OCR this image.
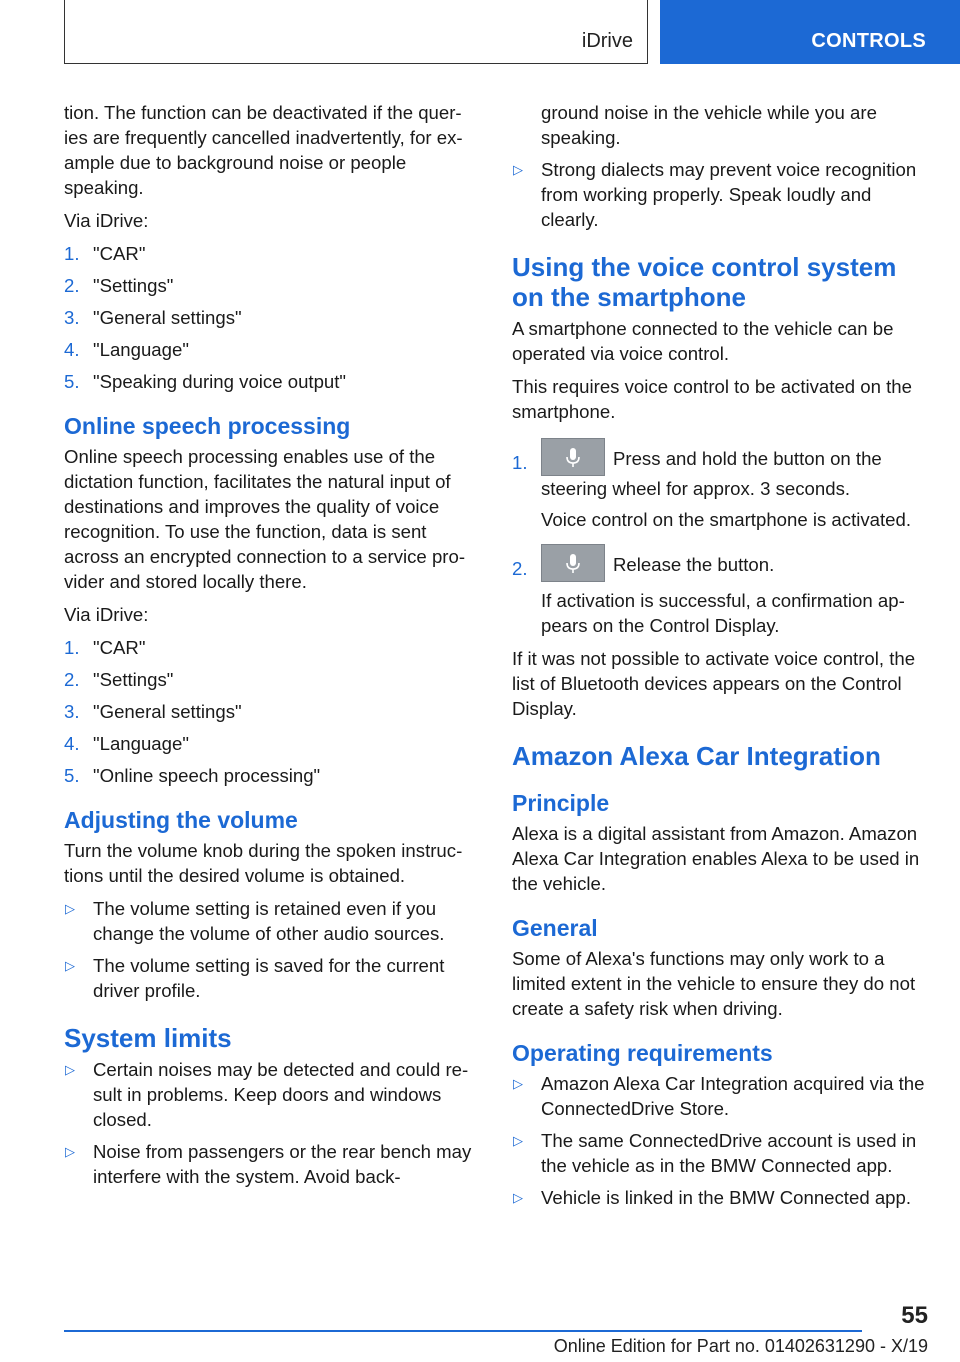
iDrive	CONTROLS

tion. The function can be deactivated if the quer-ies are frequently cancelled inadvertently, for ex-ample due to background noise or people speaking.

Via iDrive:

1. "CAR"
2. "Settings"
3. "General settings"
4. "Language"
5. "Speaking during voice output"
Online speech processing

Online speech processing enables use of the dictation function, facilitates the natural input of destinations and improves the quality of voice recognition. To use the function, data is sent across an encrypted connection to a service pro-vider and stored locally there.

Via iDrive:

1. "CAR"
2. "Settings"
3. "General settings"
4. "Language"
5. "Online speech processing"
Adjusting the volume

Turn the volume knob during the spoken instruc-tions until the desired volume is obtained.

▷ The volume setting is retained even if you change the volume of other audio sources.
▷ The volume setting is saved for the current driver profile.
System limits
▷ Certain noises may be detected and could re-sult in problems. Keep doors and windows closed.
▷ Noise from passengers or the rear bench may interfere with the system. Avoid back-
ground noise in the vehicle while you are speaking.
▷ Strong dialects may prevent voice recognition from working properly. Speak loudly and clearly.
Using the voice control system on the smartphone

A smartphone connected to the vehicle can be operated via voice control.

This requires voice control to be activated on the smartphone.

1.	Press and hold the button on the steering wheel for approx. 3 seconds.
Voice control on the smartphone is activated.
2.	Release the button.
If activation is successful, a confirmation ap-pears on the Control Display.

If it was not possible to activate voice control, the list of Bluetooth devices appears on the Control Display.

Amazon Alexa Car Integration
Principle

Alexa is a digital assistant from Amazon. Amazon Alexa Car Integration enables Alexa to be used in the vehicle.

General

Some of Alexa's functions may only work to a limited extent in the vehicle to ensure they do not create a safety risk when driving.

Operating requirements
▷ Amazon Alexa Car Integration acquired via the ConnectedDrive Store.
▷ The same ConnectedDrive account is used in the vehicle as in the BMW Connected app.
▷ Vehicle is linked in the BMW Connected app.
55
Online Edition for Part no. 01402631290 - X/19
